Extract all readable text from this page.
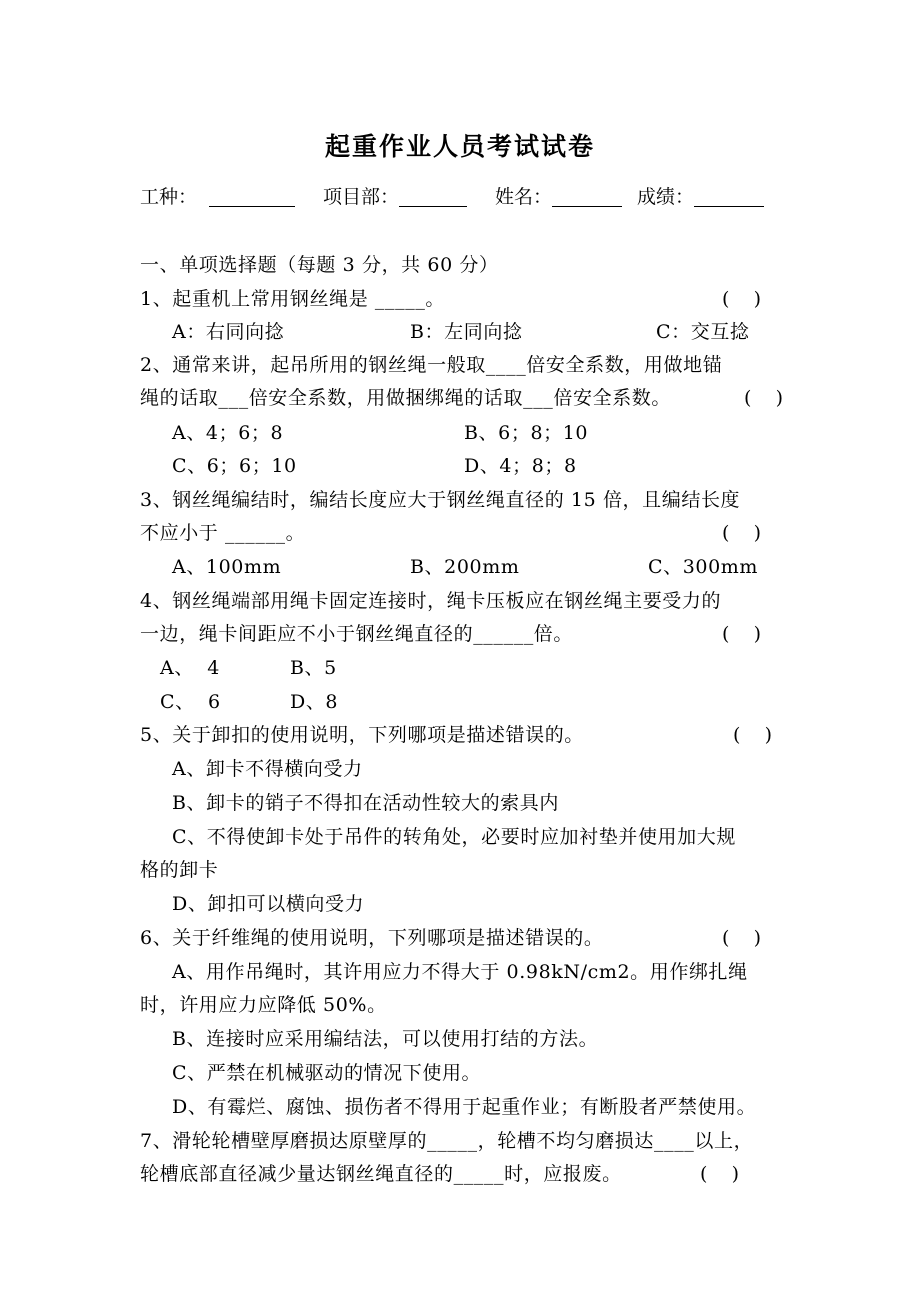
起重作业人员考试试卷
工种：	项目部：	姓名：	成绩：
一、单项选择题（每题 3 分，共 60 分）
1、起重机上常用钢丝绳是 _____。	(    )
A：右同向捻	B：左同向捻	C：交互捻
2、通常来讲，起吊所用的钢丝绳一般取____倍安全系数，用做地锚
绳的话取___倍安全系数，用做捆绑绳的话取___倍安全系数。	(    )
A、4；6；8	B、6；8；10
C、6；6；10	D、4；8；8
3、钢丝绳编结时，编结长度应大于钢丝绳直径的 15 倍，且编结长度
不应小于 ______。	(    )
A、100mm	B、200mm	C、300mm
4、钢丝绳端部用绳卡固定连接时，绳卡压板应在钢丝绳主要受力的
一边，绳卡间距应不小于钢丝绳直径的______倍。	(    )
A、  4	B、5
C、  6	D、8
5、关于卸扣的使用说明，下列哪项是描述错误的。	(    )
A、卸卡不得横向受力
B、卸卡的销子不得扣在活动性较大的索具内
C、不得使卸卡处于吊件的转角处，必要时应加衬垫并使用加大规
格的卸卡
D、卸扣可以横向受力
6、关于纤维绳的使用说明，下列哪项是描述错误的。	(    )
A、用作吊绳时，其许用应力不得大于 0.98kN/cm2。用作绑扎绳
时，许用应力应降低 50%。
B、连接时应采用编结法，可以使用打结的方法。
C、严禁在机械驱动的情况下使用。
D、有霉烂、腐蚀、损伤者不得用于起重作业；有断股者严禁使用。
7、滑轮轮槽壁厚磨损达原壁厚的_____，轮槽不均匀磨损达____以上，
轮槽底部直径减少量达钢丝绳直径的_____时，应报废。	(    )
